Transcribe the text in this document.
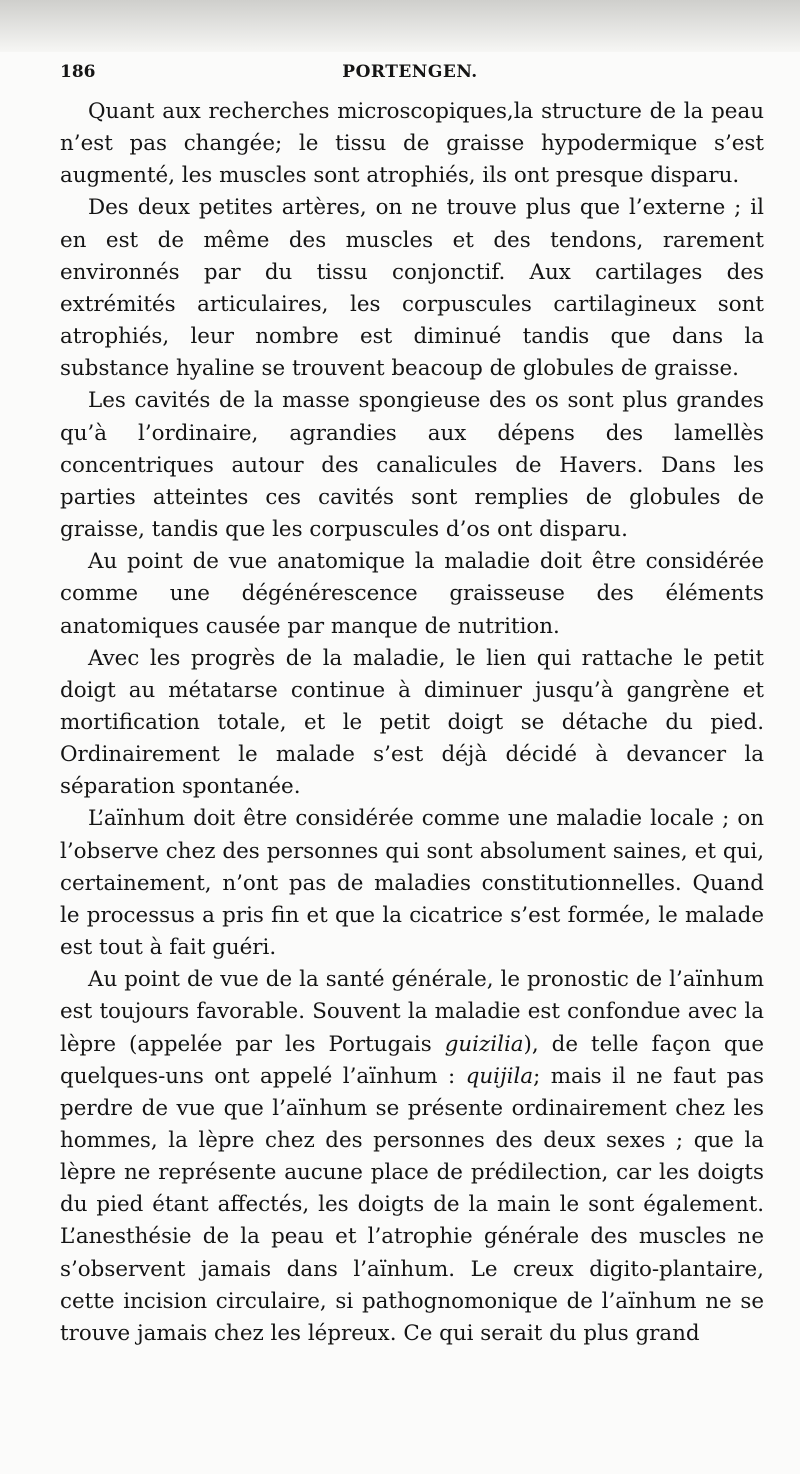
186	PORTENGEN.

Quant aux recherches microscopiques,la structure de la peau n’est pas changée; le tissu de graisse hypodermique s’est augmenté, les muscles sont atrophiés, ils ont presque disparu.

Des deux petites artères, on ne trouve plus que l’externe ; il en est de même des muscles et des tendons, rarement environnés par du tissu conjonctif. Aux cartilages des extrémités articulaires, les corpuscules cartilagineux sont atrophiés, leur nombre est diminué tandis que dans la substance hyaline se trouvent beacoup de globules de graisse.

Les cavités de la masse spongieuse des os sont plus grandes qu’à l’ordinaire, agrandies aux dépens des lamellès concentriques autour des canalicules de Havers. Dans les parties atteintes ces cavités sont remplies de globules de graisse, tandis que les corpuscules d’os ont disparu.

Au point de vue anatomique la maladie doit être considérée comme une dégénérescence graisseuse des éléments anatomiques causée par manque de nutrition.

Avec les progrès de la maladie, le lien qui rattache le petit doigt au métatarse continue à diminuer jusqu’à gangrène et mortification totale, et le petit doigt se détache du pied. Ordinairement le malade s’est déjà décidé à devancer la séparation spontanée.

L’aïnhum doit être considérée comme une maladie locale ; on l’observe chez des personnes qui sont absolument saines, et qui, certainement, n’ont pas de maladies constitutionnelles. Quand le processus a pris fin et que la cicatrice s’est formée, le malade est tout à fait guéri.

Au point de vue de la santé générale, le pronostic de l’aïnhum est toujours favorable. Souvent la maladie est confondue avec la lèpre (appelée par les Portugais guizilia), de telle façon que quelques-uns ont appelé l’aïnhum : quijila; mais il ne faut pas perdre de vue que l’aïnhum se présente ordinairement chez les hommes, la lèpre chez des personnes des deux sexes ; que la lèpre ne représente aucune place de prédilection, car les doigts du pied étant affectés, les doigts de la main le sont également. L’anesthésie de la peau et l’atrophie générale des muscles ne s’observent jamais dans l’aïnhum. Le creux digito-plantaire, cette incision circulaire, si pathognomonique de l’aïnhum ne se trouve jamais chez les lépreux. Ce qui serait du plus grand
